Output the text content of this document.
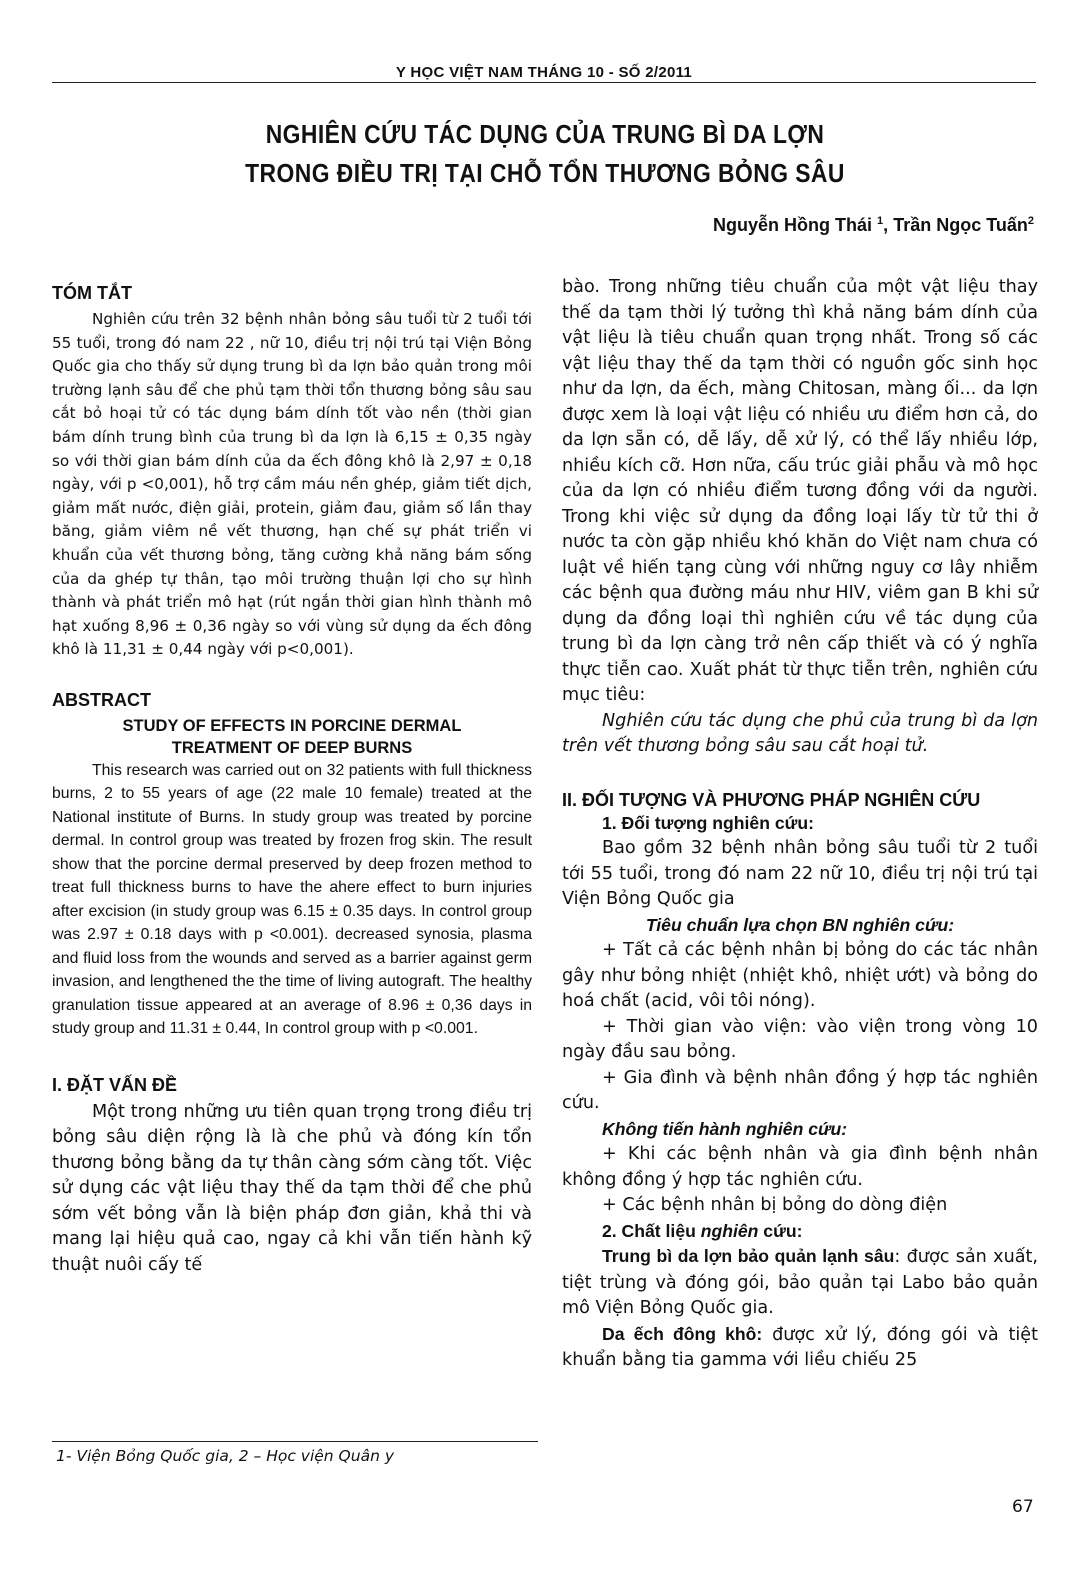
Y HỌC VIỆT NAM THÁNG 10 - SỐ 2/2011
NGHIÊN CỨU TÁC DỤNG CỦA TRUNG BÌ DA LỢN
TRONG ĐIỀU TRỊ TẠI CHỖ TỔN THƯƠNG BỎNG SÂU
Nguyễn Hồng Thái $^1$, Trần Ngọc Tuấn$^2$
TÓM TẮT

Nghiên cứu trên 32 bệnh nhân bỏng sâu tuổi từ 2 tuổi tới 55 tuổi, trong đó nam 22 , nữ 10, điều trị nội trú tại Viện Bỏng Quốc gia cho thấy sử dụng trung bì da lợn bảo quản trong môi trường lạnh sâu để che phủ tạm thời tổn thương bỏng sâu sau cắt bỏ hoại tử có tác dụng bám dính tốt vào nền (thời gian bám dính trung bình của trung bì da lợn là 6,15 ± 0,35 ngày so với thời gian bám dính của da ếch đông khô là 2,97 ± 0,18 ngày, với p <0,001), hỗ trợ cầm máu nền ghép, giảm tiết dịch, giảm mất nước, điện giải, protein, giảm đau, giảm số lần thay băng, giảm viêm nề vết thương, hạn chế sự phát triển vi khuẩn của vết thương bỏng, tăng cường khả năng bám sống của da ghép tự thân, tạo môi trường thuận lợi cho sự hình thành và phát triển mô hạt (rút ngắn thời gian hình thành mô hạt xuống 8,96 ± 0,36 ngày so với vùng sử dụng da ếch đông khô là 11,31 ± 0,44 ngày với p<0,001).

ABSTRACT

STUDY OF EFFECTS IN PORCINE DERMAL

TREATMENT OF DEEP BURNS

This research was carried out on 32 patients with full thickness burns, 2 to 55 years of age (22 male 10 female) treated at the National institute of Burns. In study group was treated by porcine dermal. In control group was treated by frozen frog skin. The result show that the porcine dermal preserved by deep frozen method to treat full thickness burns to have the ahere effect to burn injuries after excision (in study group was 6.15 ± 0.35 days. In control group was 2.97 ± 0.18 days with p <0.001). decreased synosia, plasma and fluid loss from the wounds and served as a barrier against germ invasion, and lengthened the the time of living autograft. The healthy granulation tissue appeared at an average of 8.96 ± 0,36 days in study group and 11.31 ± 0.44, In control group with p <0.001.

I. ĐẶT VẤN ĐỀ

Một trong những ưu tiên quan trọng trong điều trị bỏng sâu diện rộng là là che phủ và đóng kín tổn thương bỏng bằng da tự thân càng sớm càng tốt. Việc sử dụng các vật liệu thay thế da tạm thời để che phủ sớm vết bỏng vẫn là biện pháp đơn giản, khả thi và mang lại hiệu quả cao, ngay cả khi vẫn tiến hành kỹ thuật nuôi cấy tế

bào. Trong những tiêu chuẩn của một vật liệu thay thế da tạm thời lý tưởng thì khả năng bám dính của vật liệu là tiêu chuẩn quan trọng nhất. Trong số các vật liệu thay thế da tạm thời có nguồn gốc sinh học như da lợn, da ếch, màng Chitosan, màng ối... da lợn được xem là loại vật liệu có nhiều ưu điểm hơn cả, do da lợn sẵn có, dễ lấy, dễ xử lý, có thể lấy nhiều lớp, nhiều kích cỡ. Hơn nữa, cấu trúc giải phẫu và mô học của da lợn có nhiều điểm tương đồng với da người. Trong khi việc sử dụng da đồng loại lấy từ tử thi ở nước ta còn gặp nhiều khó khăn do Việt nam chưa có luật về hiến tạng cùng với những nguy cơ lây nhiễm các bệnh qua đường máu như HIV, viêm gan B khi sử dụng da đồng loại thì nghiên cứu về tác dụng của trung bì da lợn càng trở nên cấp thiết và có ý nghĩa thực tiễn cao. Xuất phát từ thực tiễn trên, nghiên cứu mục tiêu:

Nghiên cứu tác dụng che phủ của trung bì da lợn trên vết thương bỏng sâu sau cắt hoại tử.

II. ĐỐI TƯỢNG VÀ PHƯƠNG PHÁP NGHIÊN CỨU

1. Đối tượng nghiên cứu:

Bao gồm 32 bệnh nhân bỏng sâu tuổi từ 2 tuổi tới 55 tuổi, trong đó nam 22 nữ 10, điều trị nội trú tại Viện Bỏng Quốc gia

Tiêu chuẩn lựa chọn BN nghiên cứu:

+ Tất cả các bệnh nhân bị bỏng do các tác nhân gây như bỏng nhiệt (nhiệt khô, nhiệt ướt) và bỏng do hoá chất (acid, vôi tôi nóng).

+ Thời gian vào viện: vào viện trong vòng 10 ngày đầu sau bỏng.

+ Gia đình và bệnh nhân đồng ý hợp tác nghiên cứu.

Không tiến hành nghiên cứu:

+ Khi các bệnh nhân và gia đình bệnh nhân không đồng ý hợp tác nghiên cứu.

+ Các bệnh nhân bị bỏng do dòng điện

2. Chất liệu nghiên cứu:

Trung bì da lợn bảo quản lạnh sâu: được sản xuất, tiệt trùng và đóng gói, bảo quản tại Labo bảo quản mô Viện Bỏng Quốc gia.

Da ếch đông khô: được xử lý, đóng gói và tiệt khuẩn bằng tia gamma với liều chiếu 25

1- Viện Bỏng Quốc gia, 2 – Học viện Quân y
67
